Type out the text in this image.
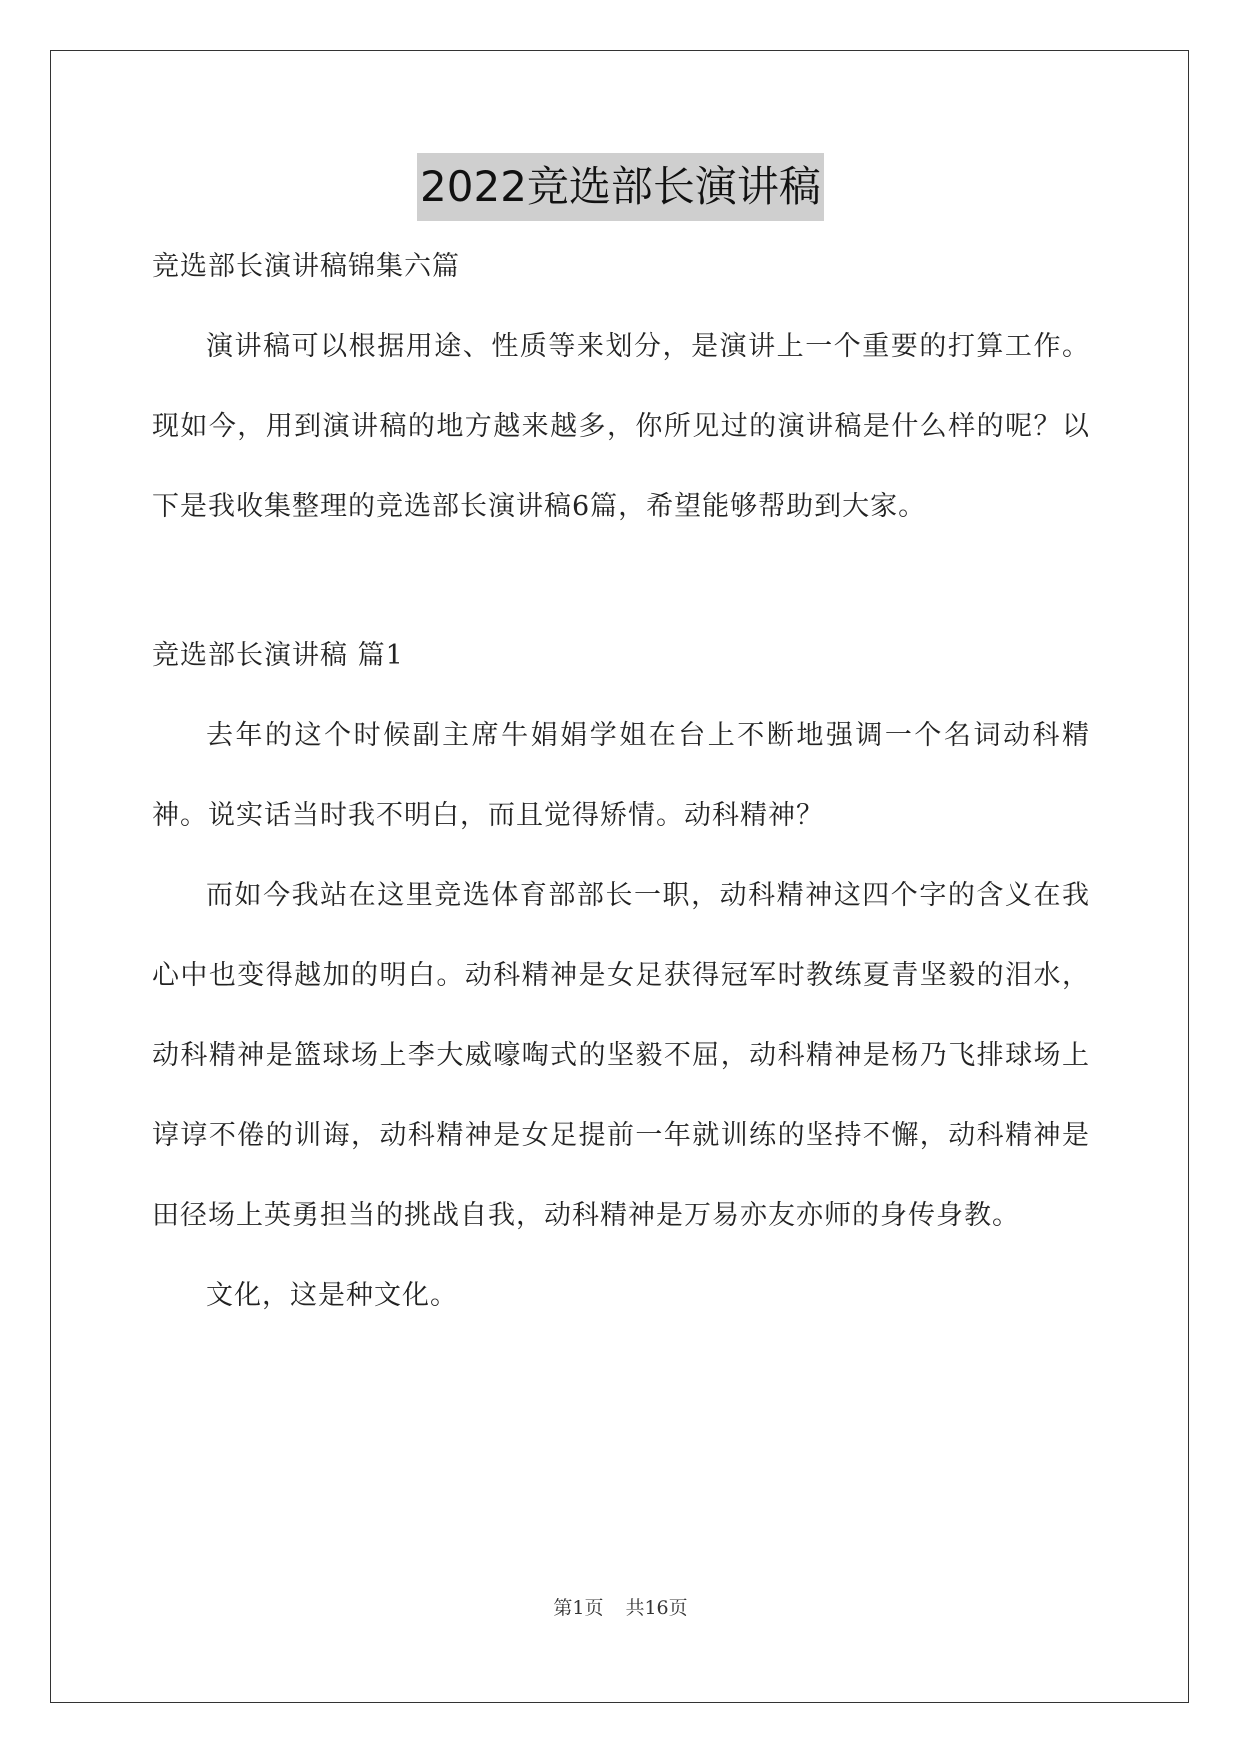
2022竞选部长演讲稿

竞选部长演讲稿锦集六篇

演讲稿可以根据用途、性质等来划分，是演讲上一个重要的打算工作。现如今，用到演讲稿的地方越来越多，你所见过的演讲稿是什么样的呢？以下是我收集整理的竞选部长演讲稿6篇，希望能够帮助到大家。

竞选部长演讲稿 篇1

去年的这个时候副主席牛娟娟学姐在台上不断地强调一个名词动科精神。说实话当时我不明白，而且觉得矫情。动科精神？

而如今我站在这里竞选体育部部长一职，动科精神这四个字的含义在我心中也变得越加的明白。动科精神是女足获得冠军时教练夏青坚毅的泪水，动科精神是篮球场上李大威嚎啕式的坚毅不屈，动科精神是杨乃飞排球场上谆谆不倦的训诲，动科精神是女足提前一年就训练的坚持不懈，动科精神是田径场上英勇担当的挑战自我，动科精神是万易亦友亦师的身传身教。

文化，这是种文化。

第1页 共16页
